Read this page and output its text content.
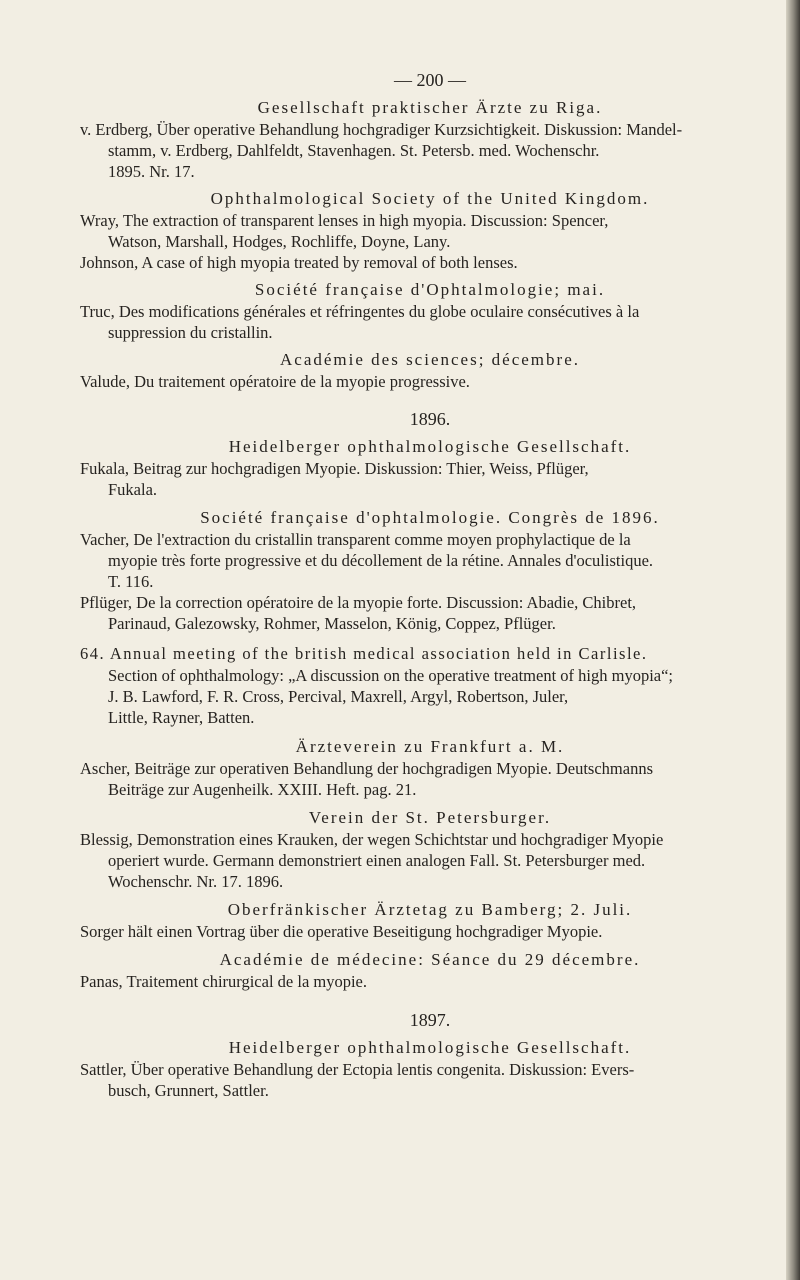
— 200 —
Gesellschaft praktischer Ärzte zu Riga.
v. Erdberg, Über operative Behandlung hochgradiger Kurzsichtigkeit. Diskussion: Mandel-
stamm, v. Erdberg, Dahlfeldt, Stavenhagen. St. Petersb. med. Wochenschr.
1895. Nr. 17.
Ophthalmological Society of the United Kingdom.
Wray, The extraction of transparent lenses in high myopia. Discussion: Spencer,
Watson, Marshall, Hodges, Rochliffe, Doyne, Lany.
Johnson, A case of high myopia treated by removal of both lenses.
Société française d'Ophtalmologie; mai.
Truc, Des modifications générales et réfringentes du globe oculaire consécutives à la
suppression du cristallin.
Académie des sciences; décembre.
Valude, Du traitement opératoire de la myopie progressive.
1896.
Heidelberger ophthalmologische Gesellschaft.
Fukala, Beitrag zur hochgradigen Myopie. Diskussion: Thier, Weiss, Pflüger,
Fukala.
Société française d'ophtalmologie. Congrès de 1896.
Vacher, De l'extraction du cristallin transparent comme moyen prophylactique de la
myopie très forte progressive et du décollement de la rétine. Annales d'oculistique.
T. 116.
Pflüger, De la correction opératoire de la myopie forte. Discussion: Abadie, Chibret,
Parinaud, Galezowsky, Rohmer, Masselon, König, Coppez, Pflüger.
64. Annual meeting of the british medical association held in Carlisle.
Section of ophthalmology: „A discussion on the operative treatment of high myopia“;
J. B. Lawford, F. R. Cross, Percival, Maxrell, Argyl, Robertson, Juler,
Little, Rayner, Batten.
Ärzteverein zu Frankfurt a. M.
Ascher, Beiträge zur operativen Behandlung der hochgradigen Myopie. Deutschmanns
Beiträge zur Augenheilk. XXIII. Heft. pag. 21.
Verein der St. Petersburger.
Blessig, Demonstration eines Krauken, der wegen Schichtstar und hochgradiger Myopie
operiert wurde. Germann demonstriert einen analogen Fall. St. Petersburger med.
Wochenschr. Nr. 17. 1896.
Oberfränkischer Ärztetag zu Bamberg; 2. Juli.
Sorger hält einen Vortrag über die operative Beseitigung hochgradiger Myopie.
Académie de médecine: Séance du 29 décembre.
Panas, Traitement chirurgical de la myopie.
1897.
Heidelberger ophthalmologische Gesellschaft.
Sattler, Über operative Behandlung der Ectopia lentis congenita. Diskussion: Evers-
busch, Grunnert, Sattler.
